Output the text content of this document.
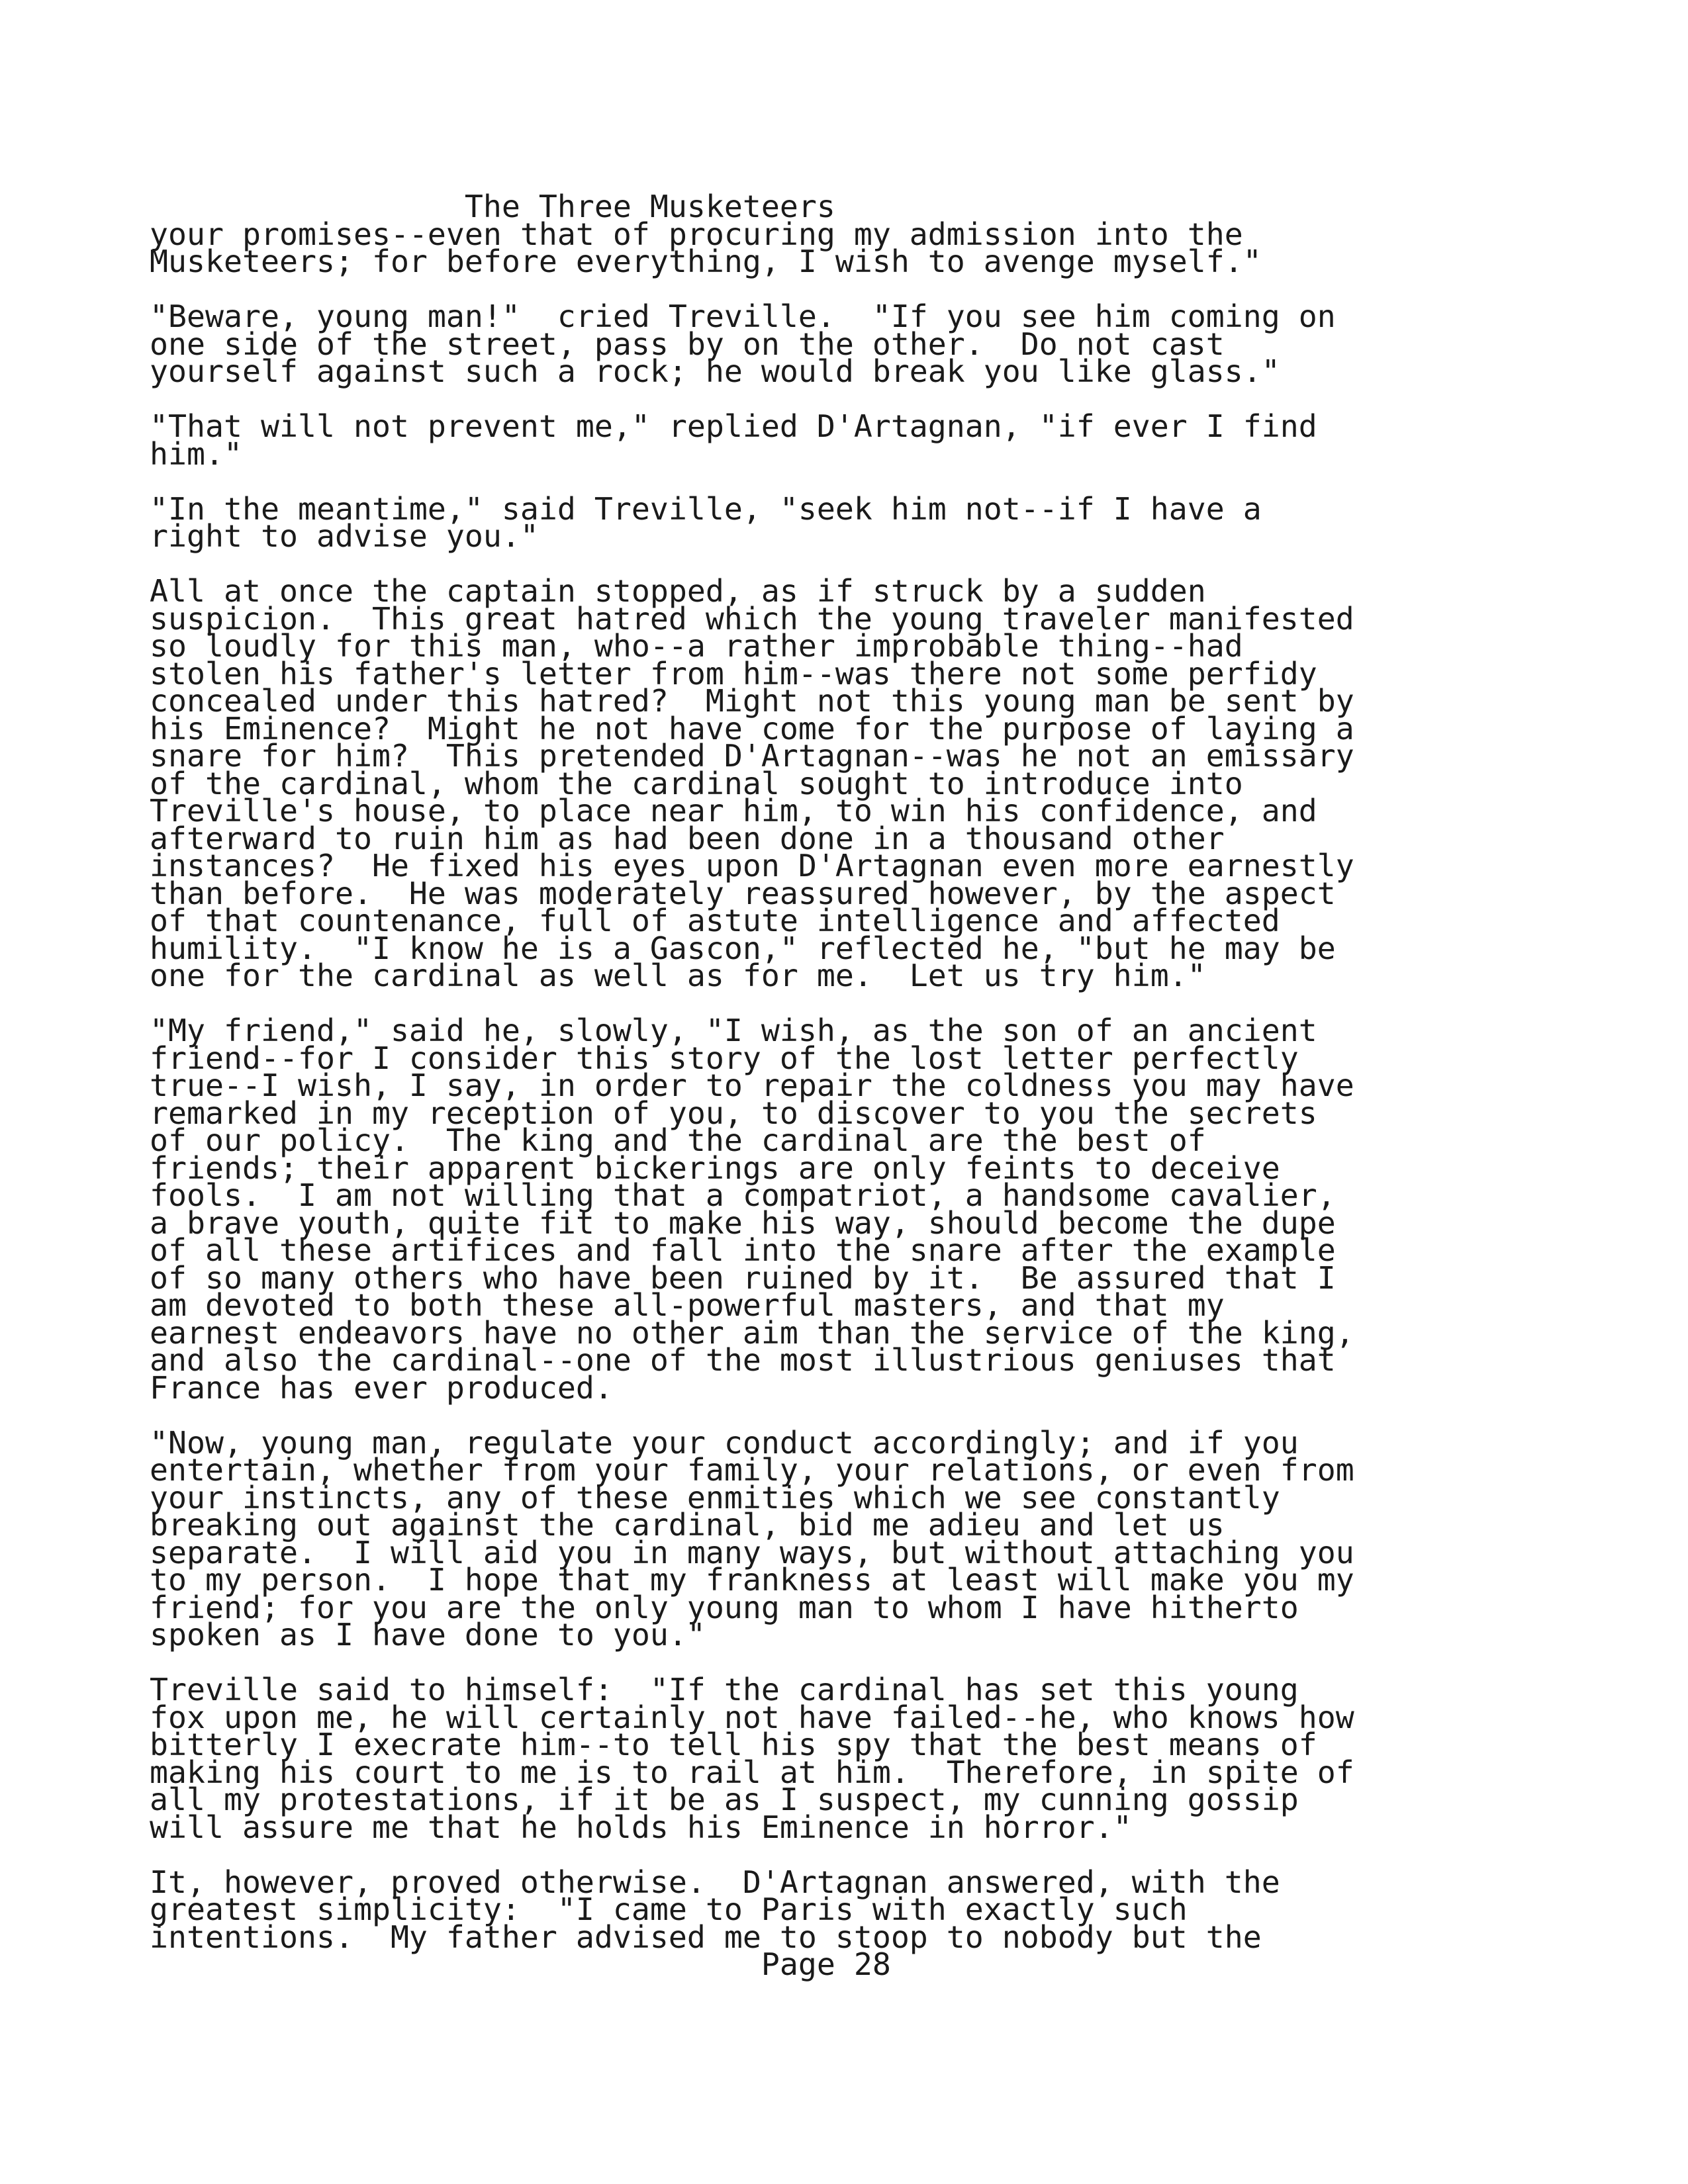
The Three Musketeers
your promises--even that of procuring my admission into the
Musketeers; for before everything, I wish to avenge myself."

"Beware, young man!"  cried Treville.  "If you see him coming on
one side of the street, pass by on the other.  Do not cast
yourself against such a rock; he would break you like glass."

"That will not prevent me," replied D'Artagnan, "if ever I find
him."

"In the meantime," said Treville, "seek him not--if I have a
right to advise you."

All at once the captain stopped, as if struck by a sudden
suspicion.  This great hatred which the young traveler manifested
so loudly for this man, who--a rather improbable thing--had
stolen his father's letter from him--was there not some perfidy
concealed under this hatred?  Might not this young man be sent by
his Eminence?  Might he not have come for the purpose of laying a
snare for him?  This pretended D'Artagnan--was he not an emissary
of the cardinal, whom the cardinal sought to introduce into
Treville's house, to place near him, to win his confidence, and
afterward to ruin him as had been done in a thousand other
instances?  He fixed his eyes upon D'Artagnan even more earnestly
than before.  He was moderately reassured however, by the aspect
of that countenance, full of astute intelligence and affected
humility.  "I know he is a Gascon," reflected he, "but he may be
one for the cardinal as well as for me.  Let us try him."

"My friend," said he, slowly, "I wish, as the son of an ancient
friend--for I consider this story of the lost letter perfectly
true--I wish, I say, in order to repair the coldness you may have
remarked in my reception of you, to discover to you the secrets
of our policy.  The king and the cardinal are the best of
friends; their apparent bickerings are only feints to deceive
fools.  I am not willing that a compatriot, a handsome cavalier,
a brave youth, quite fit to make his way, should become the dupe
of all these artifices and fall into the snare after the example
of so many others who have been ruined by it.  Be assured that I
am devoted to both these all-powerful masters, and that my
earnest endeavors have no other aim than the service of the king,
and also the cardinal--one of the most illustrious geniuses that
France has ever produced.

"Now, young man, regulate your conduct accordingly; and if you
entertain, whether from your family, your relations, or even from
your instincts, any of these enmities which we see constantly
breaking out against the cardinal, bid me adieu and let us
separate.  I will aid you in many ways, but without attaching you
to my person.  I hope that my frankness at least will make you my
friend; for you are the only young man to whom I have hitherto
spoken as I have done to you."

Treville said to himself:  "If the cardinal has set this young
fox upon me, he will certainly not have failed--he, who knows how
bitterly I execrate him--to tell his spy that the best means of
making his court to me is to rail at him.  Therefore, in spite of
all my protestations, if it be as I suspect, my cunning gossip
will assure me that he holds his Eminence in horror."

It, however, proved otherwise.  D'Artagnan answered, with the
greatest simplicity:  "I came to Paris with exactly such
intentions.  My father advised me to stoop to nobody but the
Page 28
